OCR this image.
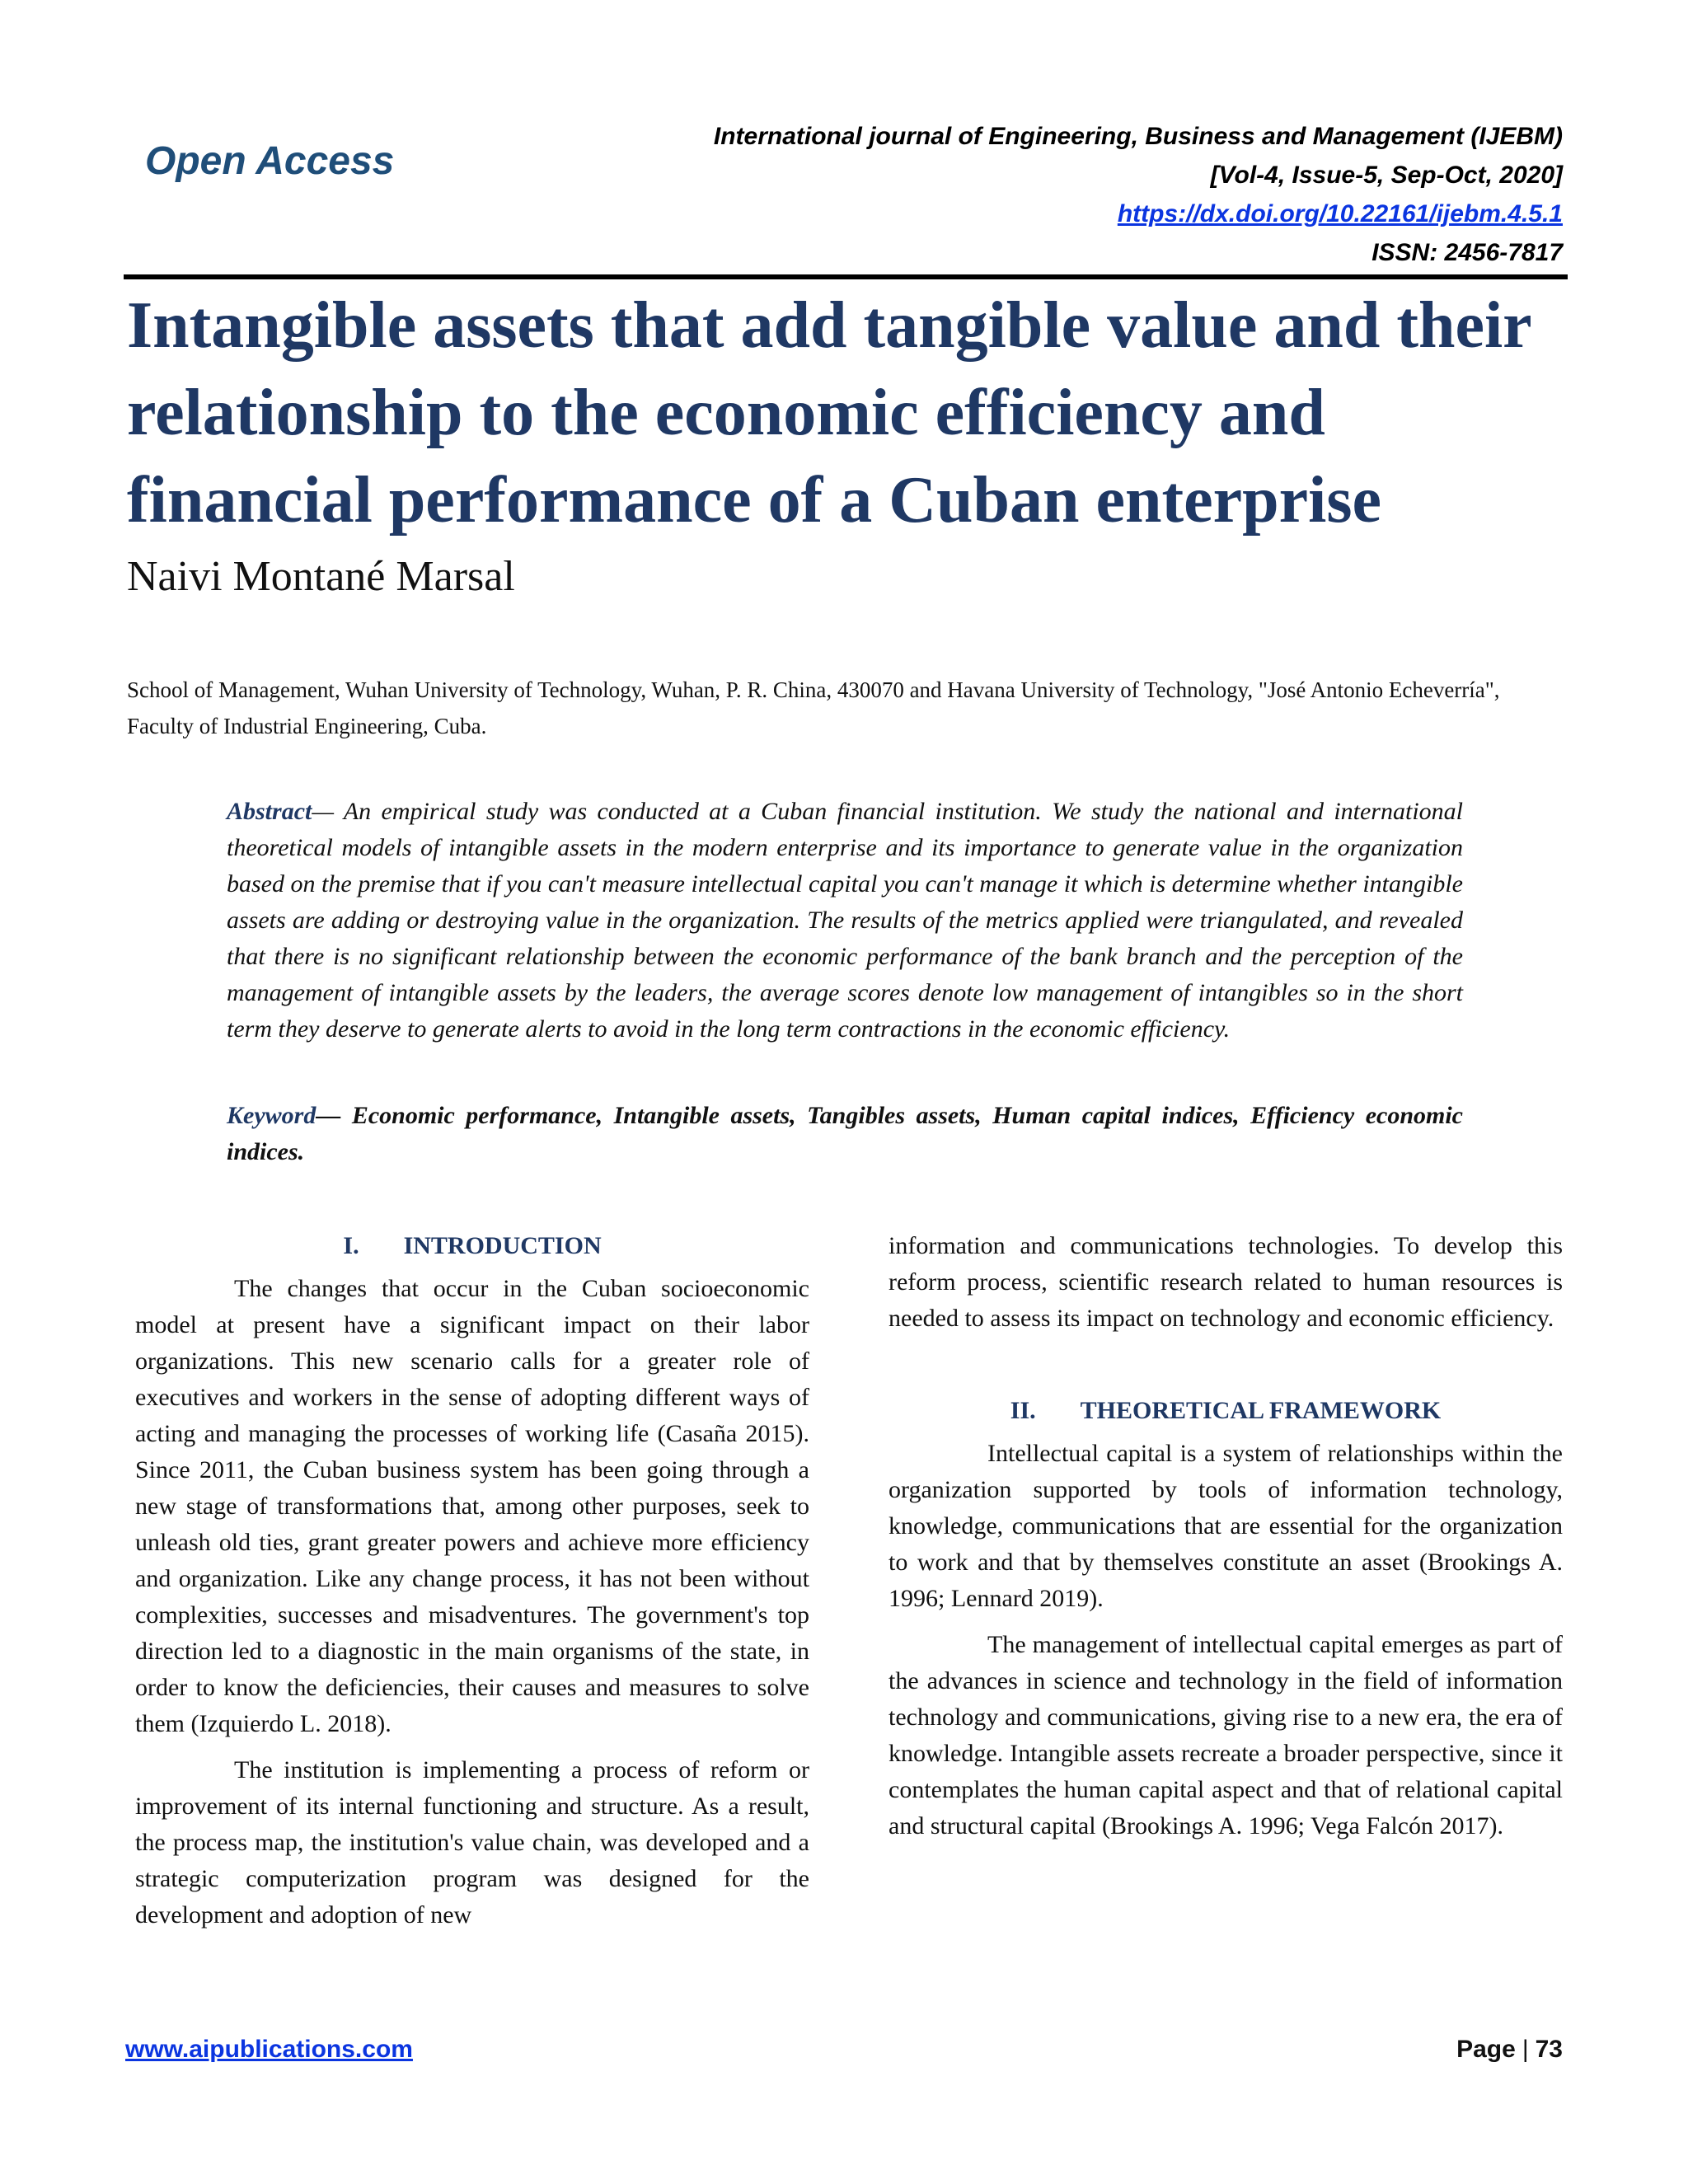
Open Access
International journal of Engineering, Business and Management (IJEBM)
[Vol-4, Issue-5, Sep-Oct, 2020]
https://dx.doi.org/10.22161/ijebm.4.5.1
ISSN: 2456-7817
Intangible assets that add tangible value and their relationship to the economic efficiency and financial performance of a Cuban enterprise
Naivi Montané Marsal
School of Management, Wuhan University of Technology, Wuhan, P. R. China, 430070 and Havana University of Technology, "José Antonio Echeverría", Faculty of Industrial Engineering, Cuba.
Abstract— An empirical study was conducted at a Cuban financial institution. We study the national and international theoretical models of intangible assets in the modern enterprise and its importance to generate value in the organization based on the premise that if you can't measure intellectual capital you can't manage it which is determine whether intangible assets are adding or destroying value in the organization. The results of the metrics applied were triangulated, and revealed that there is no significant relationship between the economic performance of the bank branch and the perception of the management of intangible assets by the leaders, the average scores denote low management of intangibles so in the short term they deserve to generate alerts to avoid in the long term contractions in the economic efficiency.
Keyword— Economic performance, Intangible assets, Tangibles assets, Human capital indices, Efficiency economic indices.
I. INTRODUCTION

The changes that occur in the Cuban socioeconomic model at present have a significant impact on their labor organizations. This new scenario calls for a greater role of executives and workers in the sense of adopting different ways of acting and managing the processes of working life (Casaña 2015). Since 2011, the Cuban business system has been going through a new stage of transformations that, among other purposes, seek to unleash old ties, grant greater powers and achieve more efficiency and organization. Like any change process, it has not been without complexities, successes and misadventures. The government's top direction led to a diagnostic in the main organisms of the state, in order to know the deficiencies, their causes and measures to solve them (Izquierdo L. 2018).

The institution is implementing a process of reform or improvement of its internal functioning and structure. As a result, the process map, the institution's value chain, was developed and a strategic computerization program was designed for the development and adoption of new

information and communications technologies. To develop this reform process, scientific research related to human resources is needed to assess its impact on technology and economic efficiency.

II. THEORETICAL FRAMEWORK

Intellectual capital is a system of relationships within the organization supported by tools of information technology, knowledge, communications that are essential for the organization to work and that by themselves constitute an asset (Brookings A. 1996; Lennard 2019).

The management of intellectual capital emerges as part of the advances in science and technology in the field of information technology and communications, giving rise to a new era, the era of knowledge. Intangible assets recreate a broader perspective, since it contemplates the human capital aspect and that of relational capital and structural capital (Brookings A. 1996; Vega Falcón 2017).

www.aipublications.com	Page | 73
